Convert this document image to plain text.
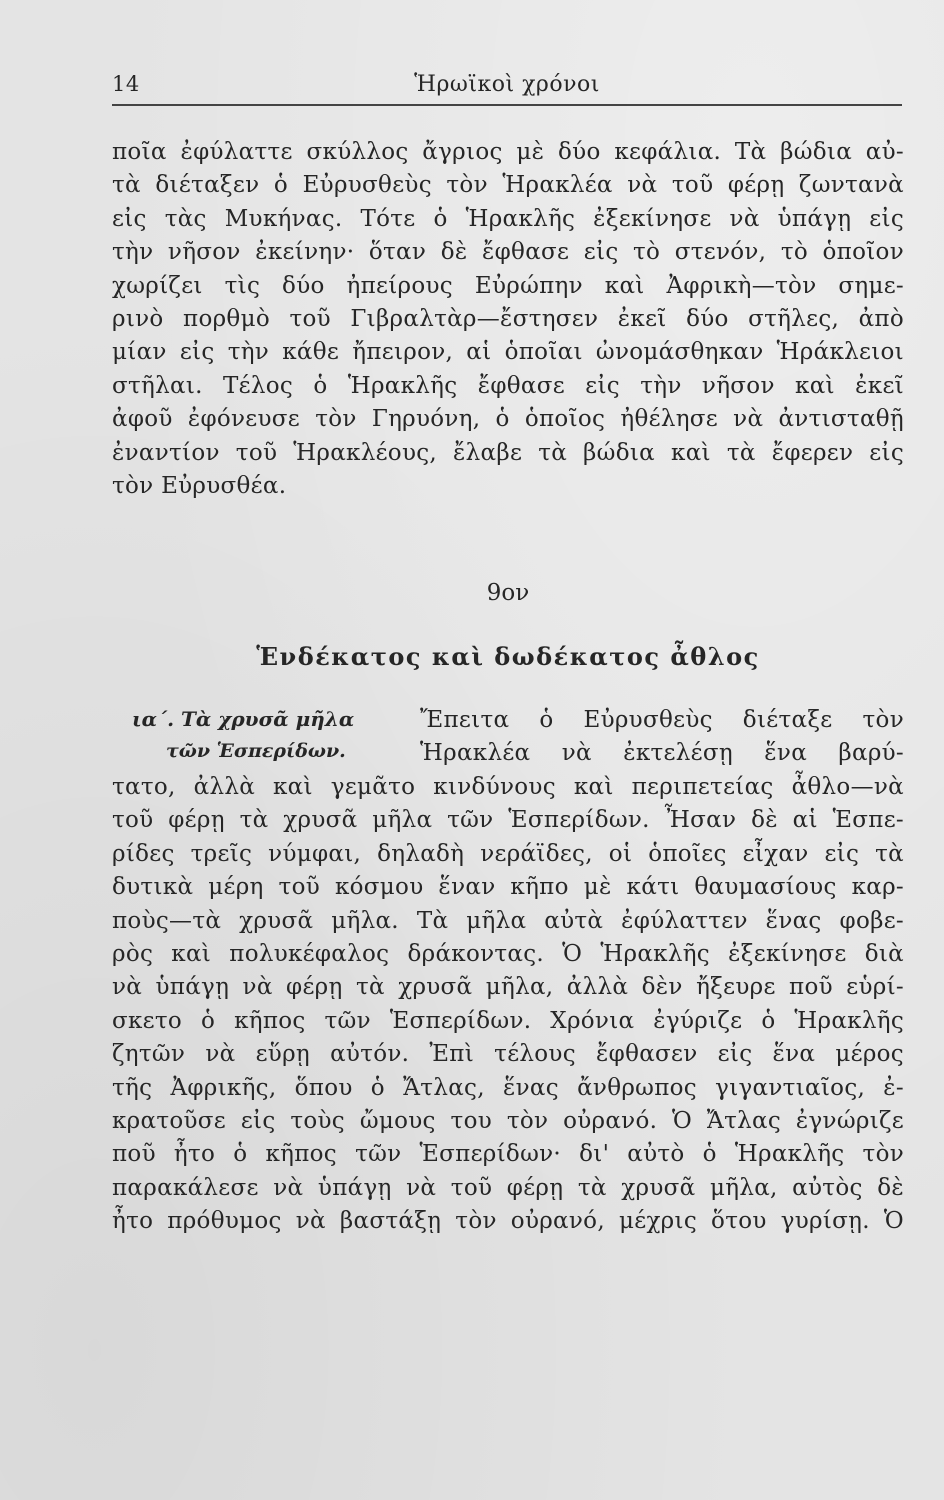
14	Ἡρωϊκοὶ χρόνοι
ποῖα ἐφύλαττε σκύλλος ἄγριος μὲ δύο κεφάλια. Τὰ βώδια αὐ-
τὰ διέταξεν ὁ Εὐρυσθεὺς τὸν Ἡρακλέα νὰ τοῦ φέρῃ ζωντανὰ
εἰς τὰς Μυκήνας. Τότε ὁ Ἡρακλῆς ἐξεκίνησε νὰ ὑπάγῃ εἰς
τὴν νῆσον ἐκείνην· ὅταν δὲ ἔφθασε εἰς τὸ στενόν, τὸ ὁποῖον
χωρίζει τὶς δύο ἠπείρους Εὐρώπην καὶ Ἀφρικὴ—τὸν σημε-
ρινὸ πορθμὸ τοῦ Γιβραλτὰρ—ἔστησεν ἐκεῖ δύο στῆλες, ἀπὸ
μίαν εἰς τὴν κάθε ἤπειρον, αἱ ὁποῖαι ὠνομάσθηκαν Ἡράκλειοι
στῆλαι. Τέλος ὁ Ἡρακλῆς ἔφθασε εἰς τὴν νῆσον καὶ ἐκεῖ
ἀφοῦ ἐφόνευσε τὸν Γηρυόνη, ὁ ὁποῖος ἠθέλησε νὰ ἀντισταθῇ
ἐναντίον τοῦ Ἡρακλέους, ἔλαβε τὰ βώδια καὶ τὰ ἔφερεν εἰς
τὸν Εὐρυσθέα.
9ον
Ἑνδέκατος καὶ δωδέκατος ἆθλος
ια΄. Τὰ χρυσᾶ μῆλα
τῶν Ἑσπερίδων.
Ἔπειτα ὁ Εὐρυσθεὺς διέταξε τὸν
Ἡρακλέα νὰ ἐκτελέσῃ ἕνα βαρύ-
τατο, ἀλλὰ καὶ γεμᾶτο κινδύνους καὶ περιπετείας ἆθλο—νὰ
τοῦ φέρῃ τὰ χρυσᾶ μῆλα τῶν Ἑσπερίδων. Ἦσαν δὲ αἱ Ἑσπε-
ρίδες τρεῖς νύμφαι, δηλαδὴ νεράϊδες, οἱ ὁποῖες εἶχαν εἰς τὰ
δυτικὰ μέρη τοῦ κόσμου ἕναν κῆπο μὲ κάτι θαυμασίους καρ-
ποὺς—τὰ χρυσᾶ μῆλα. Τὰ μῆλα αὐτὰ ἐφύλαττεν ἕνας φοβε-
ρὸς καὶ πολυκέφαλος δράκοντας. Ὁ Ἡρακλῆς ἐξεκίνησε διὰ
νὰ ὑπάγῃ νὰ φέρῃ τὰ χρυσᾶ μῆλα, ἀλλὰ δὲν ἤξευρε ποῦ εὑρί-
σκετο ὁ κῆπος τῶν Ἑσπερίδων. Χρόνια ἐγύριζε ὁ Ἡρακλῆς
ζητῶν νὰ εὕρῃ αὐτόν. Ἐπὶ τέλους ἔφθασεν εἰς ἕνα μέρος
τῆς Ἀφρικῆς, ὅπου ὁ Ἄτλας, ἕνας ἄνθρωπος γιγαντιαῖος, ἐ-
κρατοῦσε εἰς τοὺς ὤμους του τὸν οὐρανό. Ὁ Ἄτλας ἐγνώριζε
ποῦ ἦτο ὁ κῆπος τῶν Ἑσπερίδων· δι' αὐτὸ ὁ Ἡρακλῆς τὸν
παρακάλεσε νὰ ὑπάγῃ νὰ τοῦ φέρῃ τὰ χρυσᾶ μῆλα, αὐτὸς δὲ
ἦτο πρόθυμος νὰ βαστάξῃ τὸν οὐρανό, μέχρις ὅτου γυρίσῃ. Ὁ
